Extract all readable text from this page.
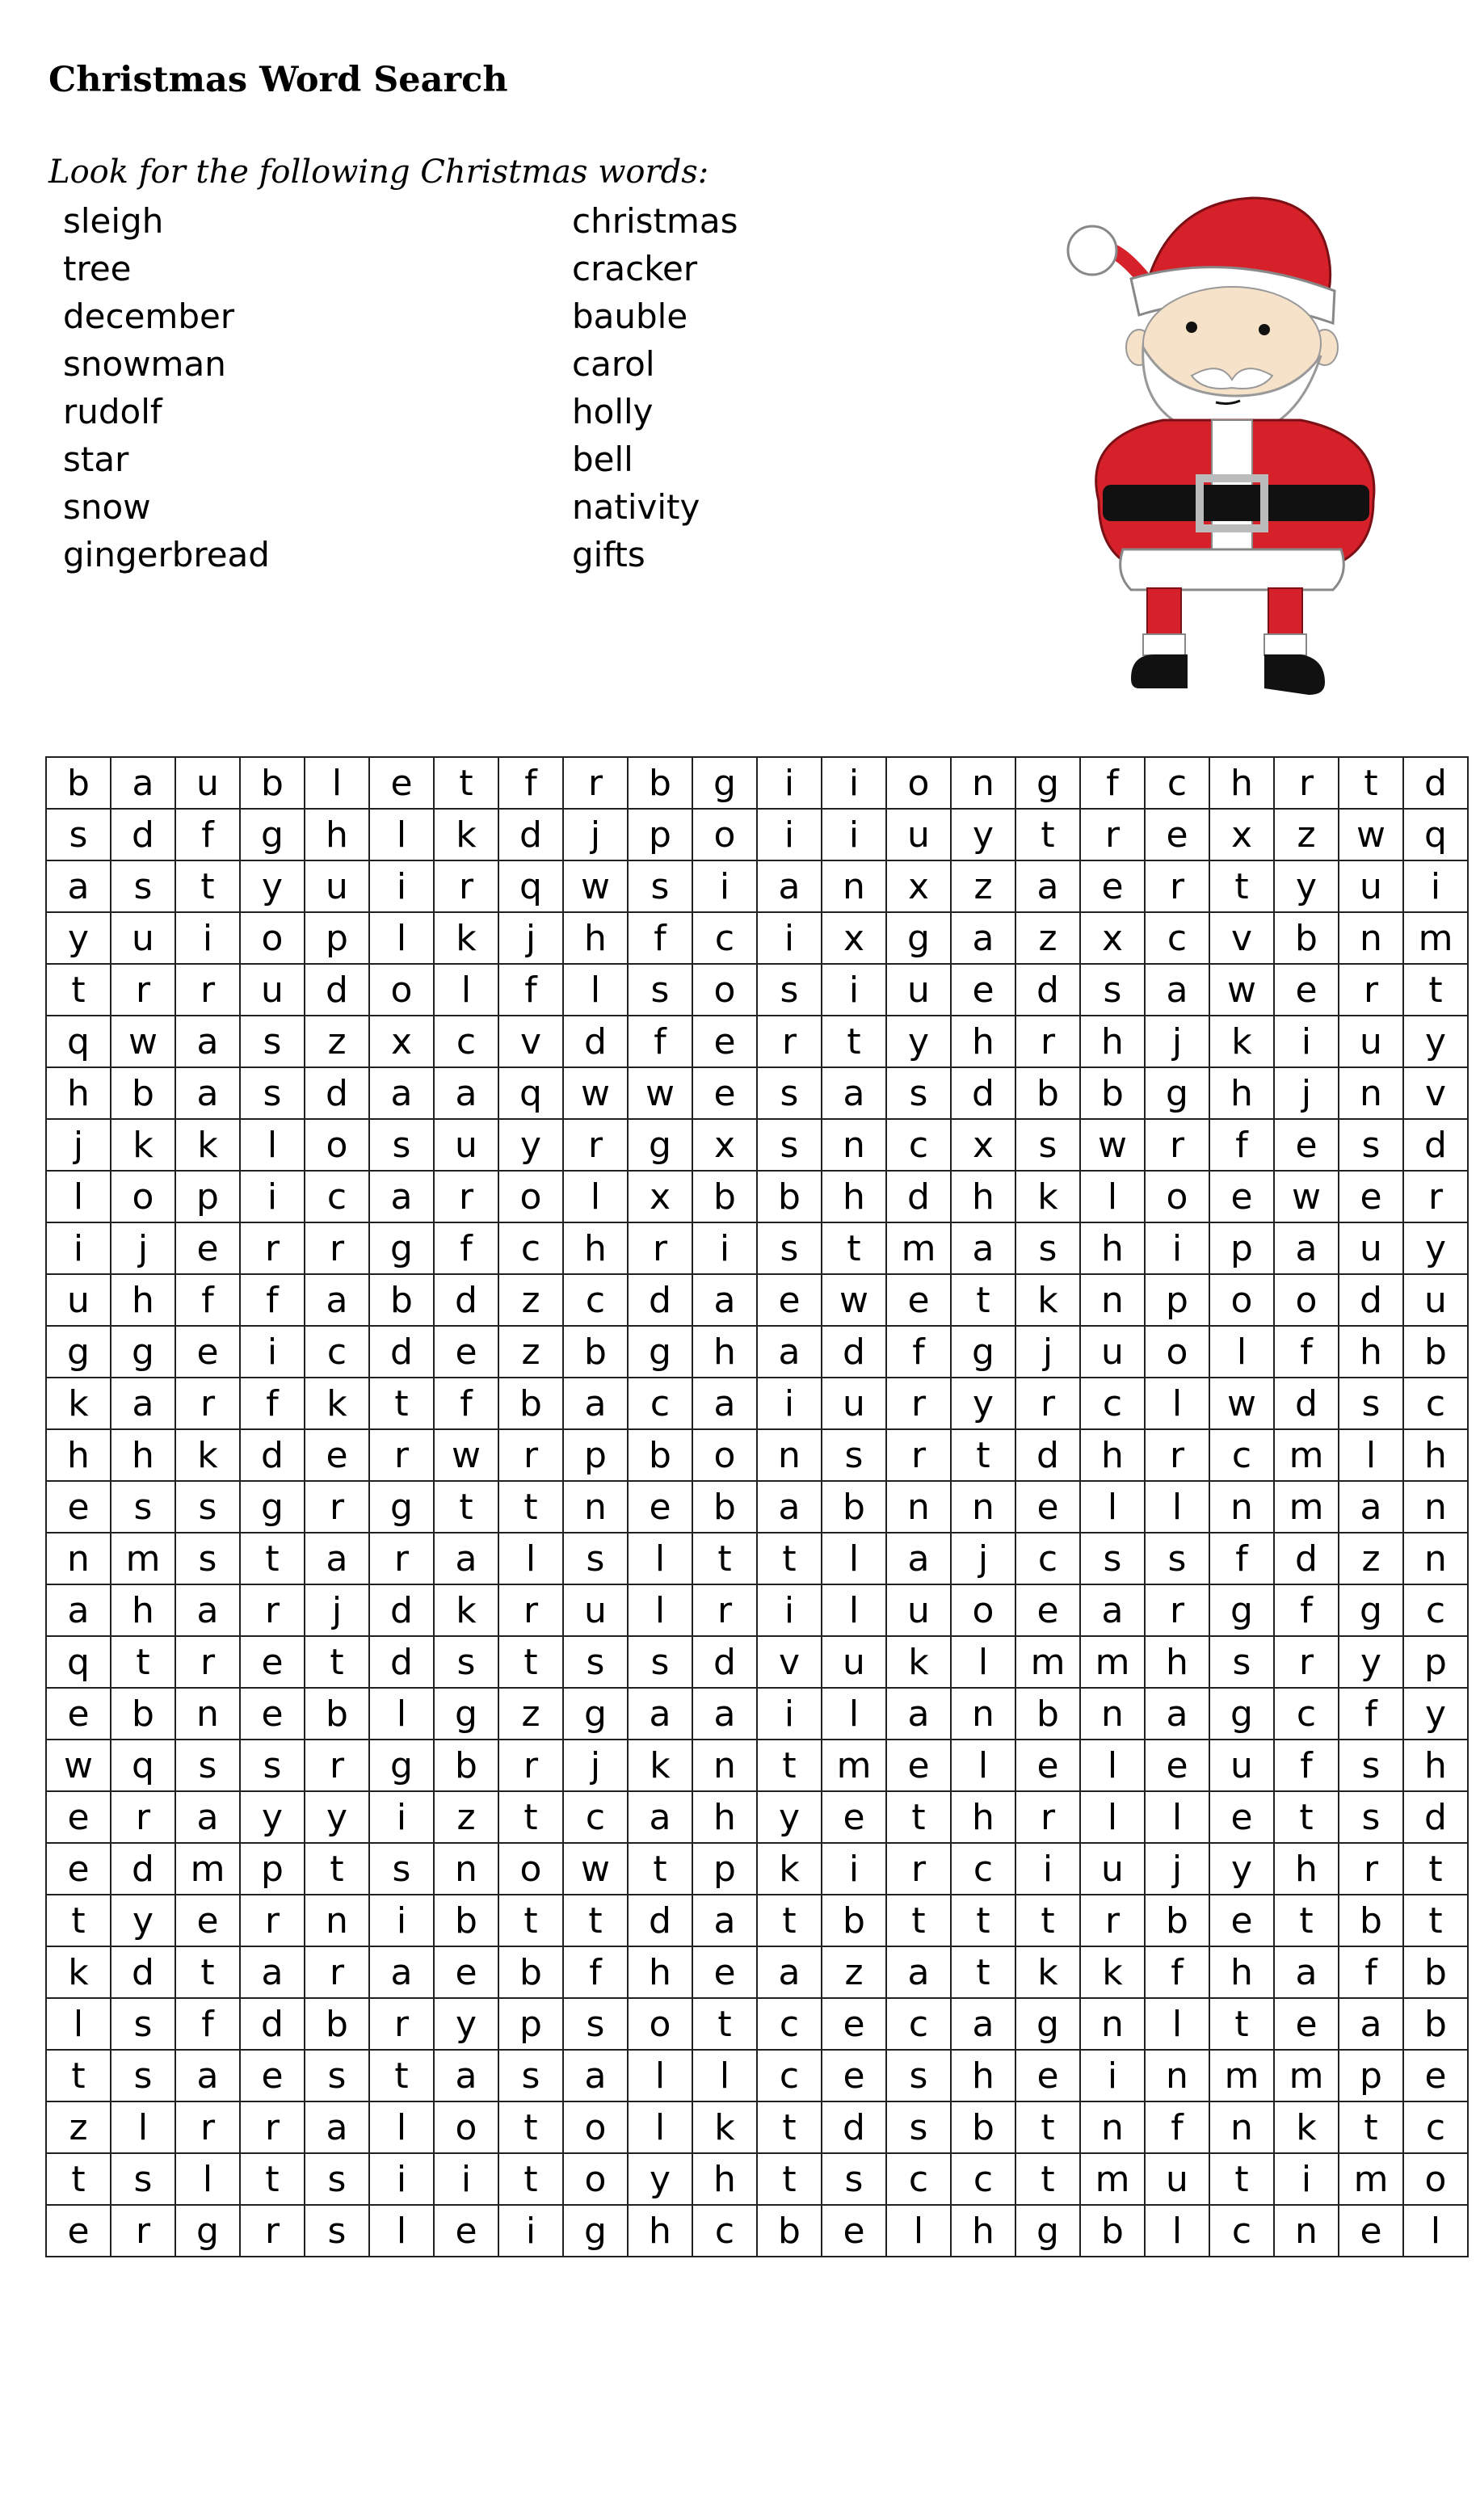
Christmas Word Search
Look for the following Christmas words:
sleigh
tree
december
snowman
rudolf
star
snow
gingerbread
christmas
cracker
bauble
carol
holly
bell
nativity
gifts
b	a	u	b	l	e	t	f	r	b	g	i	i	o	n	g	f	c	h	r	t	d
s	d	f	g	h	l	k	d	j	p	o	i	i	u	y	t	r	e	x	z	w	q
a	s	t	y	u	i	r	q	w	s	i	a	n	x	z	a	e	r	t	y	u	i
y	u	i	o	p	l	k	j	h	f	c	i	x	g	a	z	x	c	v	b	n	m
t	r	r	u	d	o	l	f	l	s	o	s	i	u	e	d	s	a	w	e	r	t
q	w	a	s	z	x	c	v	d	f	e	r	t	y	h	r	h	j	k	i	u	y
h	b	a	s	d	a	a	q	w	w	e	s	a	s	d	b	b	g	h	j	n	v
j	k	k	l	o	s	u	y	r	g	x	s	n	c	x	s	w	r	f	e	s	d
l	o	p	i	c	a	r	o	l	x	b	b	h	d	h	k	l	o	e	w	e	r
i	j	e	r	r	g	f	c	h	r	i	s	t	m	a	s	h	i	p	a	u	y
u	h	f	f	a	b	d	z	c	d	a	e	w	e	t	k	n	p	o	o	d	u
g	g	e	i	c	d	e	z	b	g	h	a	d	f	g	j	u	o	l	f	h	b
k	a	r	f	k	t	f	b	a	c	a	i	u	r	y	r	c	l	w	d	s	c
h	h	k	d	e	r	w	r	p	b	o	n	s	r	t	d	h	r	c	m	l	h
e	s	s	g	r	g	t	t	n	e	b	a	b	n	n	e	l	l	n	m	a	n
n	m	s	t	a	r	a	l	s	l	t	t	l	a	j	c	s	s	f	d	z	n
a	h	a	r	j	d	k	r	u	l	r	i	l	u	o	e	a	r	g	f	g	c
q	t	r	e	t	d	s	t	s	s	d	v	u	k	l	m	m	h	s	r	y	p
e	b	n	e	b	l	g	z	g	a	a	i	l	a	n	b	n	a	g	c	f	y
w	q	s	s	r	g	b	r	j	k	n	t	m	e	l	e	l	e	u	f	s	h
e	r	a	y	y	i	z	t	c	a	h	y	e	t	h	r	l	l	e	t	s	d
e	d	m	p	t	s	n	o	w	t	p	k	i	r	c	i	u	j	y	h	r	t
t	y	e	r	n	i	b	t	t	d	a	t	b	t	t	t	r	b	e	t	b	t
k	d	t	a	r	a	e	b	f	h	e	a	z	a	t	k	k	f	h	a	f	b
l	s	f	d	b	r	y	p	s	o	t	c	e	c	a	g	n	l	t	e	a	b
t	s	a	e	s	t	a	s	a	l	l	c	e	s	h	e	i	n	m	m	p	e
z	l	r	r	a	l	o	t	o	l	k	t	d	s	b	t	n	f	n	k	t	c
t	s	l	t	s	i	i	t	o	y	h	t	s	c	c	t	m	u	t	i	m	o
e	r	g	r	s	l	e	i	g	h	c	b	e	l	h	g	b	l	c	n	e	l
